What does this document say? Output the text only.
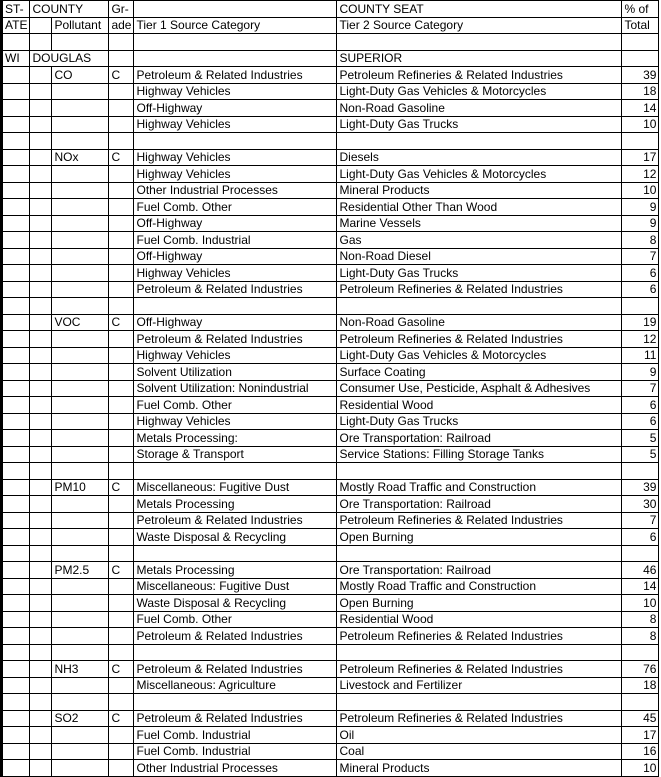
ST-	COUNTY		Gr-		COUNTY SEAT	% of
ATE		Pollutant	ade	Tier 1 Source Category	Tier 2 Source Category	Total

WI	DOUGLAS				SUPERIOR	
		CO	C	Petroleum & Related Industries	Petroleum Refineries & Related Industries	39
				Highway Vehicles	Light-Duty Gas Vehicles & Motorcycles	18
				Off-Highway	Non-Road Gasoline	14
				Highway Vehicles	Light-Duty Gas Trucks	10

		NOx	C	Highway Vehicles	Diesels	17
				Highway Vehicles	Light-Duty Gas Vehicles & Motorcycles	12
				Other Industrial Processes	Mineral Products	10
				Fuel Comb. Other	Residential Other Than Wood	9
				Off-Highway	Marine Vessels	9
				Fuel Comb. Industrial	Gas	8
				Off-Highway	Non-Road Diesel	7
				Highway Vehicles	Light-Duty Gas Trucks	6
				Petroleum & Related Industries	Petroleum Refineries & Related Industries	6

		VOC	C	Off-Highway	Non-Road Gasoline	19
				Petroleum & Related Industries	Petroleum Refineries & Related Industries	12
				Highway Vehicles	Light-Duty Gas Vehicles & Motorcycles	11
				Solvent Utilization	Surface Coating	9
				Solvent Utilization: Nonindustrial	Consumer Use, Pesticide, Asphalt & Adhesives	7
				Fuel Comb. Other	Residential Wood	6
				Highway Vehicles	Light-Duty Gas Trucks	6
				Metals Processing:	Ore Transportation: Railroad	5
				Storage & Transport	Service Stations: Filling Storage Tanks	5

		PM10	C	Miscellaneous: Fugitive Dust	Mostly Road Traffic and Construction	39
				Metals Processing	Ore Transportation: Railroad	30
				Petroleum & Related Industries	Petroleum Refineries & Related Industries	7
				Waste Disposal & Recycling	Open Burning	6

		PM2.5	C	Metals Processing	Ore Transportation: Railroad	46
				Miscellaneous: Fugitive Dust	Mostly Road Traffic and Construction	14
				Waste Disposal & Recycling	Open Burning	10
				Fuel Comb. Other	Residential Wood	8
				Petroleum & Related Industries	Petroleum Refineries & Related Industries	8

		NH3	C	Petroleum & Related Industries	Petroleum Refineries & Related Industries	76
				Miscellaneous: Agriculture	Livestock and Fertilizer	18

		SO2	C	Petroleum & Related Industries	Petroleum Refineries & Related Industries	45
				Fuel Comb. Industrial	Oil	17
				Fuel Comb. Industrial	Coal	16
				Other Industrial Processes	Mineral Products	10
